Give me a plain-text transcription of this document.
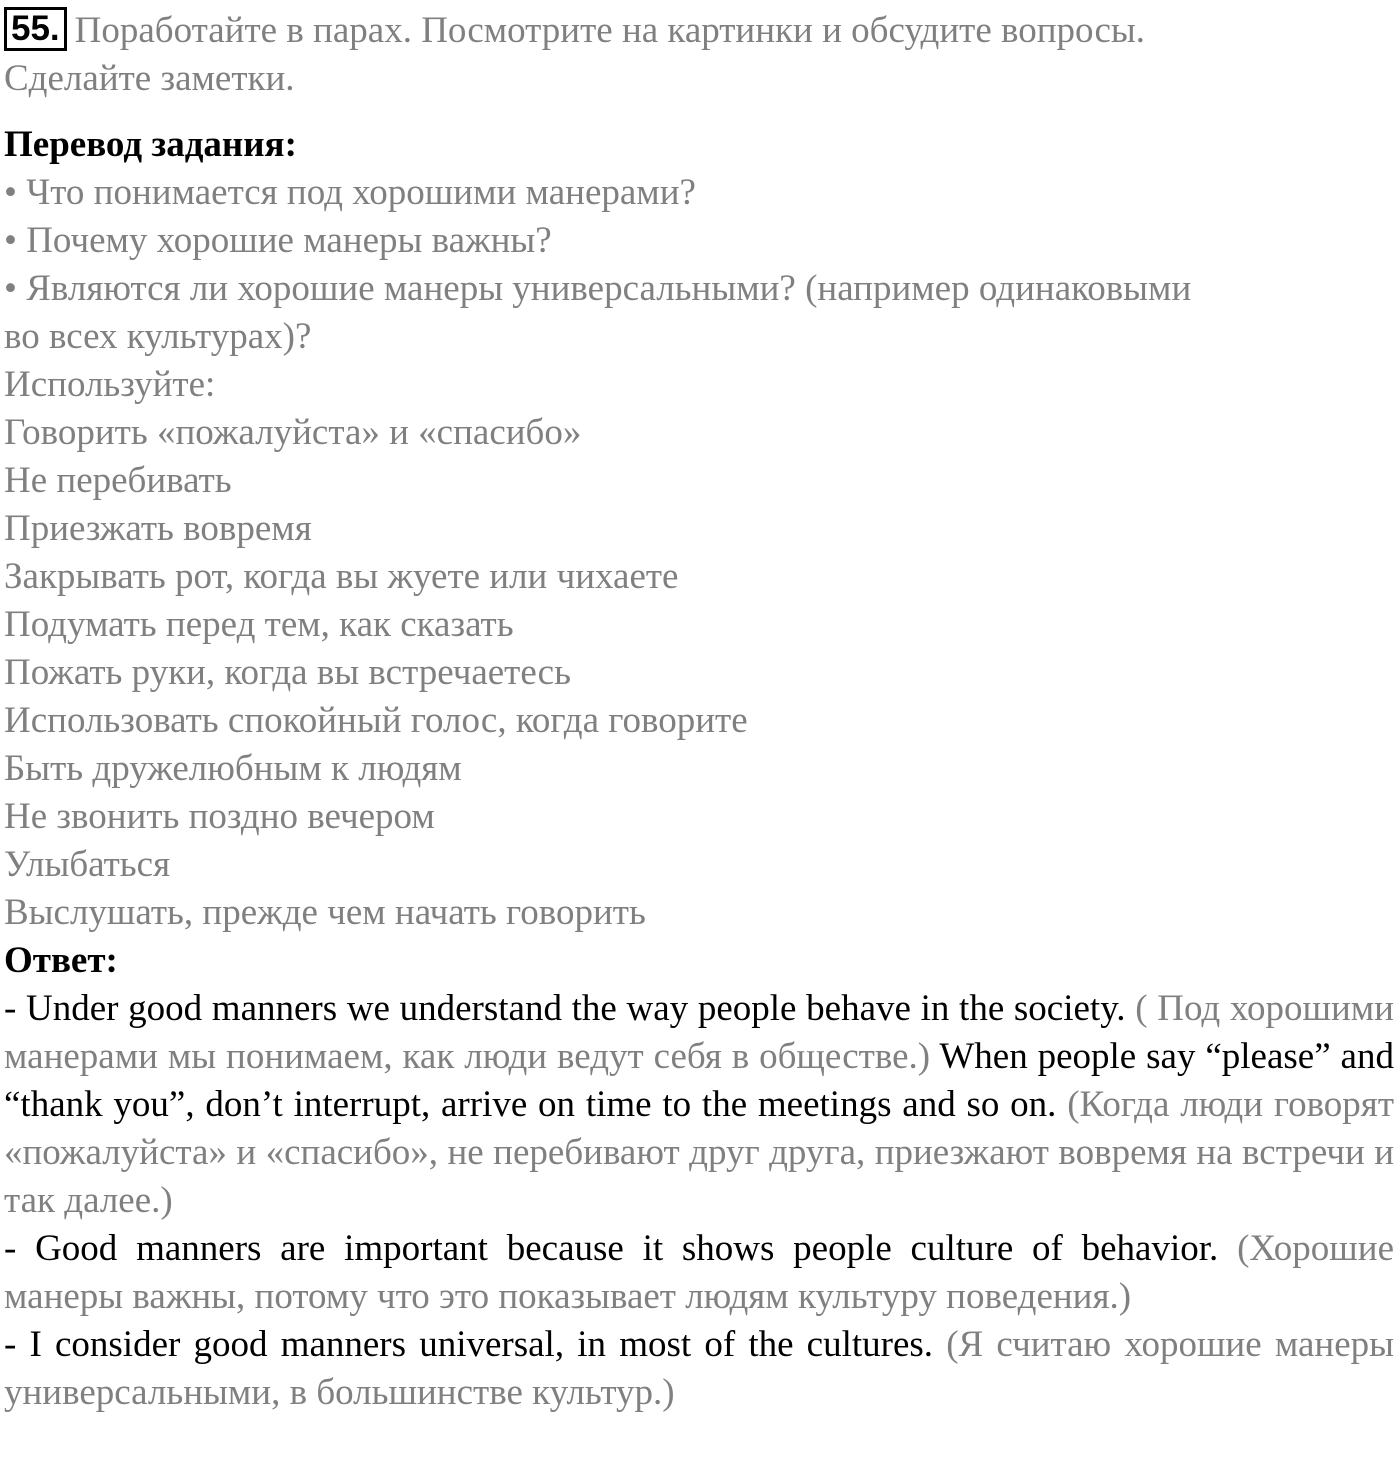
55. Поработайте в парах. Посмотрите на картинки и обсудите вопросы.
Сделайте заметки.
Перевод задания:
• Что понимается под хорошими манерами?
• Почему хорошие манеры важны?
• Являются ли хорошие манеры универсальными? (например одинаковыми
во всех культурах)?
Используйте:
Говорить «пожалуйста» и «спасибо»
Не перебивать
Приезжать вовремя
Закрывать рот, когда вы жуете или чихаете
Подумать перед тем, как сказать
Пожать руки, когда вы встречаетесь
Использовать спокойный голос, когда говорите
Быть дружелюбным к людям
Не звонить поздно вечером
Улыбаться
Выслушать, прежде чем начать говорить
Ответ:
- Under good manners we understand the way people behave in the society. ( Под хорошими манерами мы понимаем, как люди ведут себя в обществе.) When people say “please” and “thank you”, don’t interrupt, arrive on time to the meetings and so on. (Когда люди говорят «пожалуйста» и «спасибо», не перебивают друг друга, приезжают вовремя на встречи и так далее.)
- Good manners are important because it shows people culture of behavior. (Хорошие манеры важны, потому что это показывает людям культуру поведения.)
- I consider good manners universal, in most of the cultures. (Я считаю хорошие манеры универсальными, в большинстве культур.)
